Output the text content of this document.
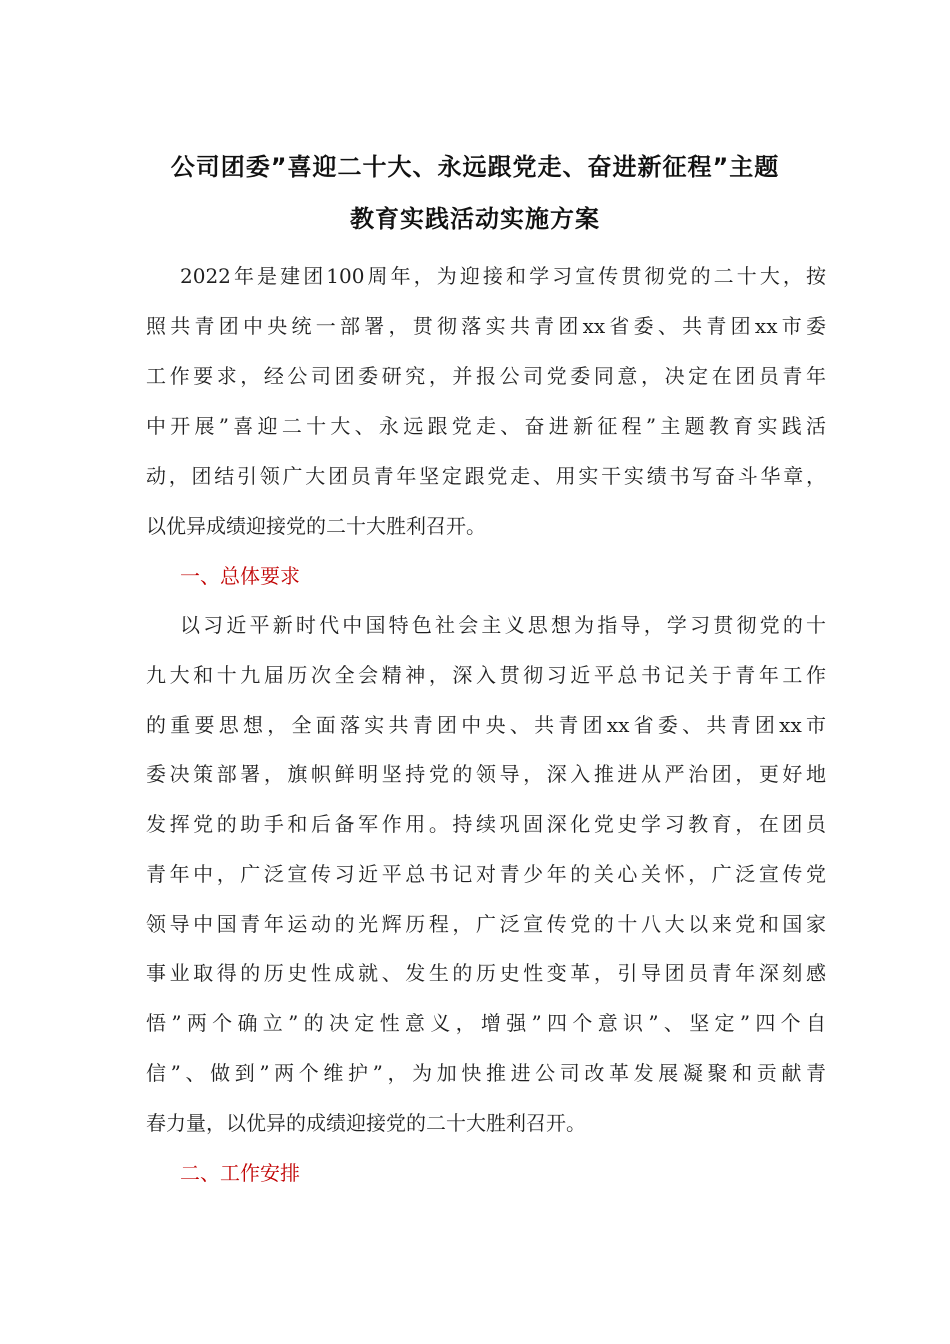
公司团委”喜迎二十大、永远跟党走、奋进新征程”主题
教育实践活动实施方案
2022年是建团100周年，为迎接和学习宣传贯彻党的二十大，按
照共青团中央统一部署，贯彻落实共青团xx省委、共青团xx市委
工作要求，经公司团委研究，并报公司党委同意，决定在团员青年
中开展”喜迎二十大、永远跟党走、奋进新征程”主题教育实践活
动，团结引领广大团员青年坚定跟党走、用实干实绩书写奋斗华章，
以优异成绩迎接党的二十大胜利召开。
一、总体要求
以习近平新时代中国特色社会主义思想为指导，学习贯彻党的十
九大和十九届历次全会精神，深入贯彻习近平总书记关于青年工作
的重要思想，全面落实共青团中央、共青团xx省委、共青团xx市
委决策部署，旗帜鲜明坚持党的领导，深入推进从严治团，更好地
发挥党的助手和后备军作用。持续巩固深化党史学习教育，在团员
青年中，广泛宣传习近平总书记对青少年的关心关怀，广泛宣传党
领导中国青年运动的光辉历程，广泛宣传党的十八大以来党和国家
事业取得的历史性成就、发生的历史性变革，引导团员青年深刻感
悟”两个确立”的决定性意义，增强”四个意识”、坚定”四个自
信”、做到”两个维护”，为加快推进公司改革发展凝聚和贡献青
春力量，以优异的成绩迎接党的二十大胜利召开。
二、工作安排
